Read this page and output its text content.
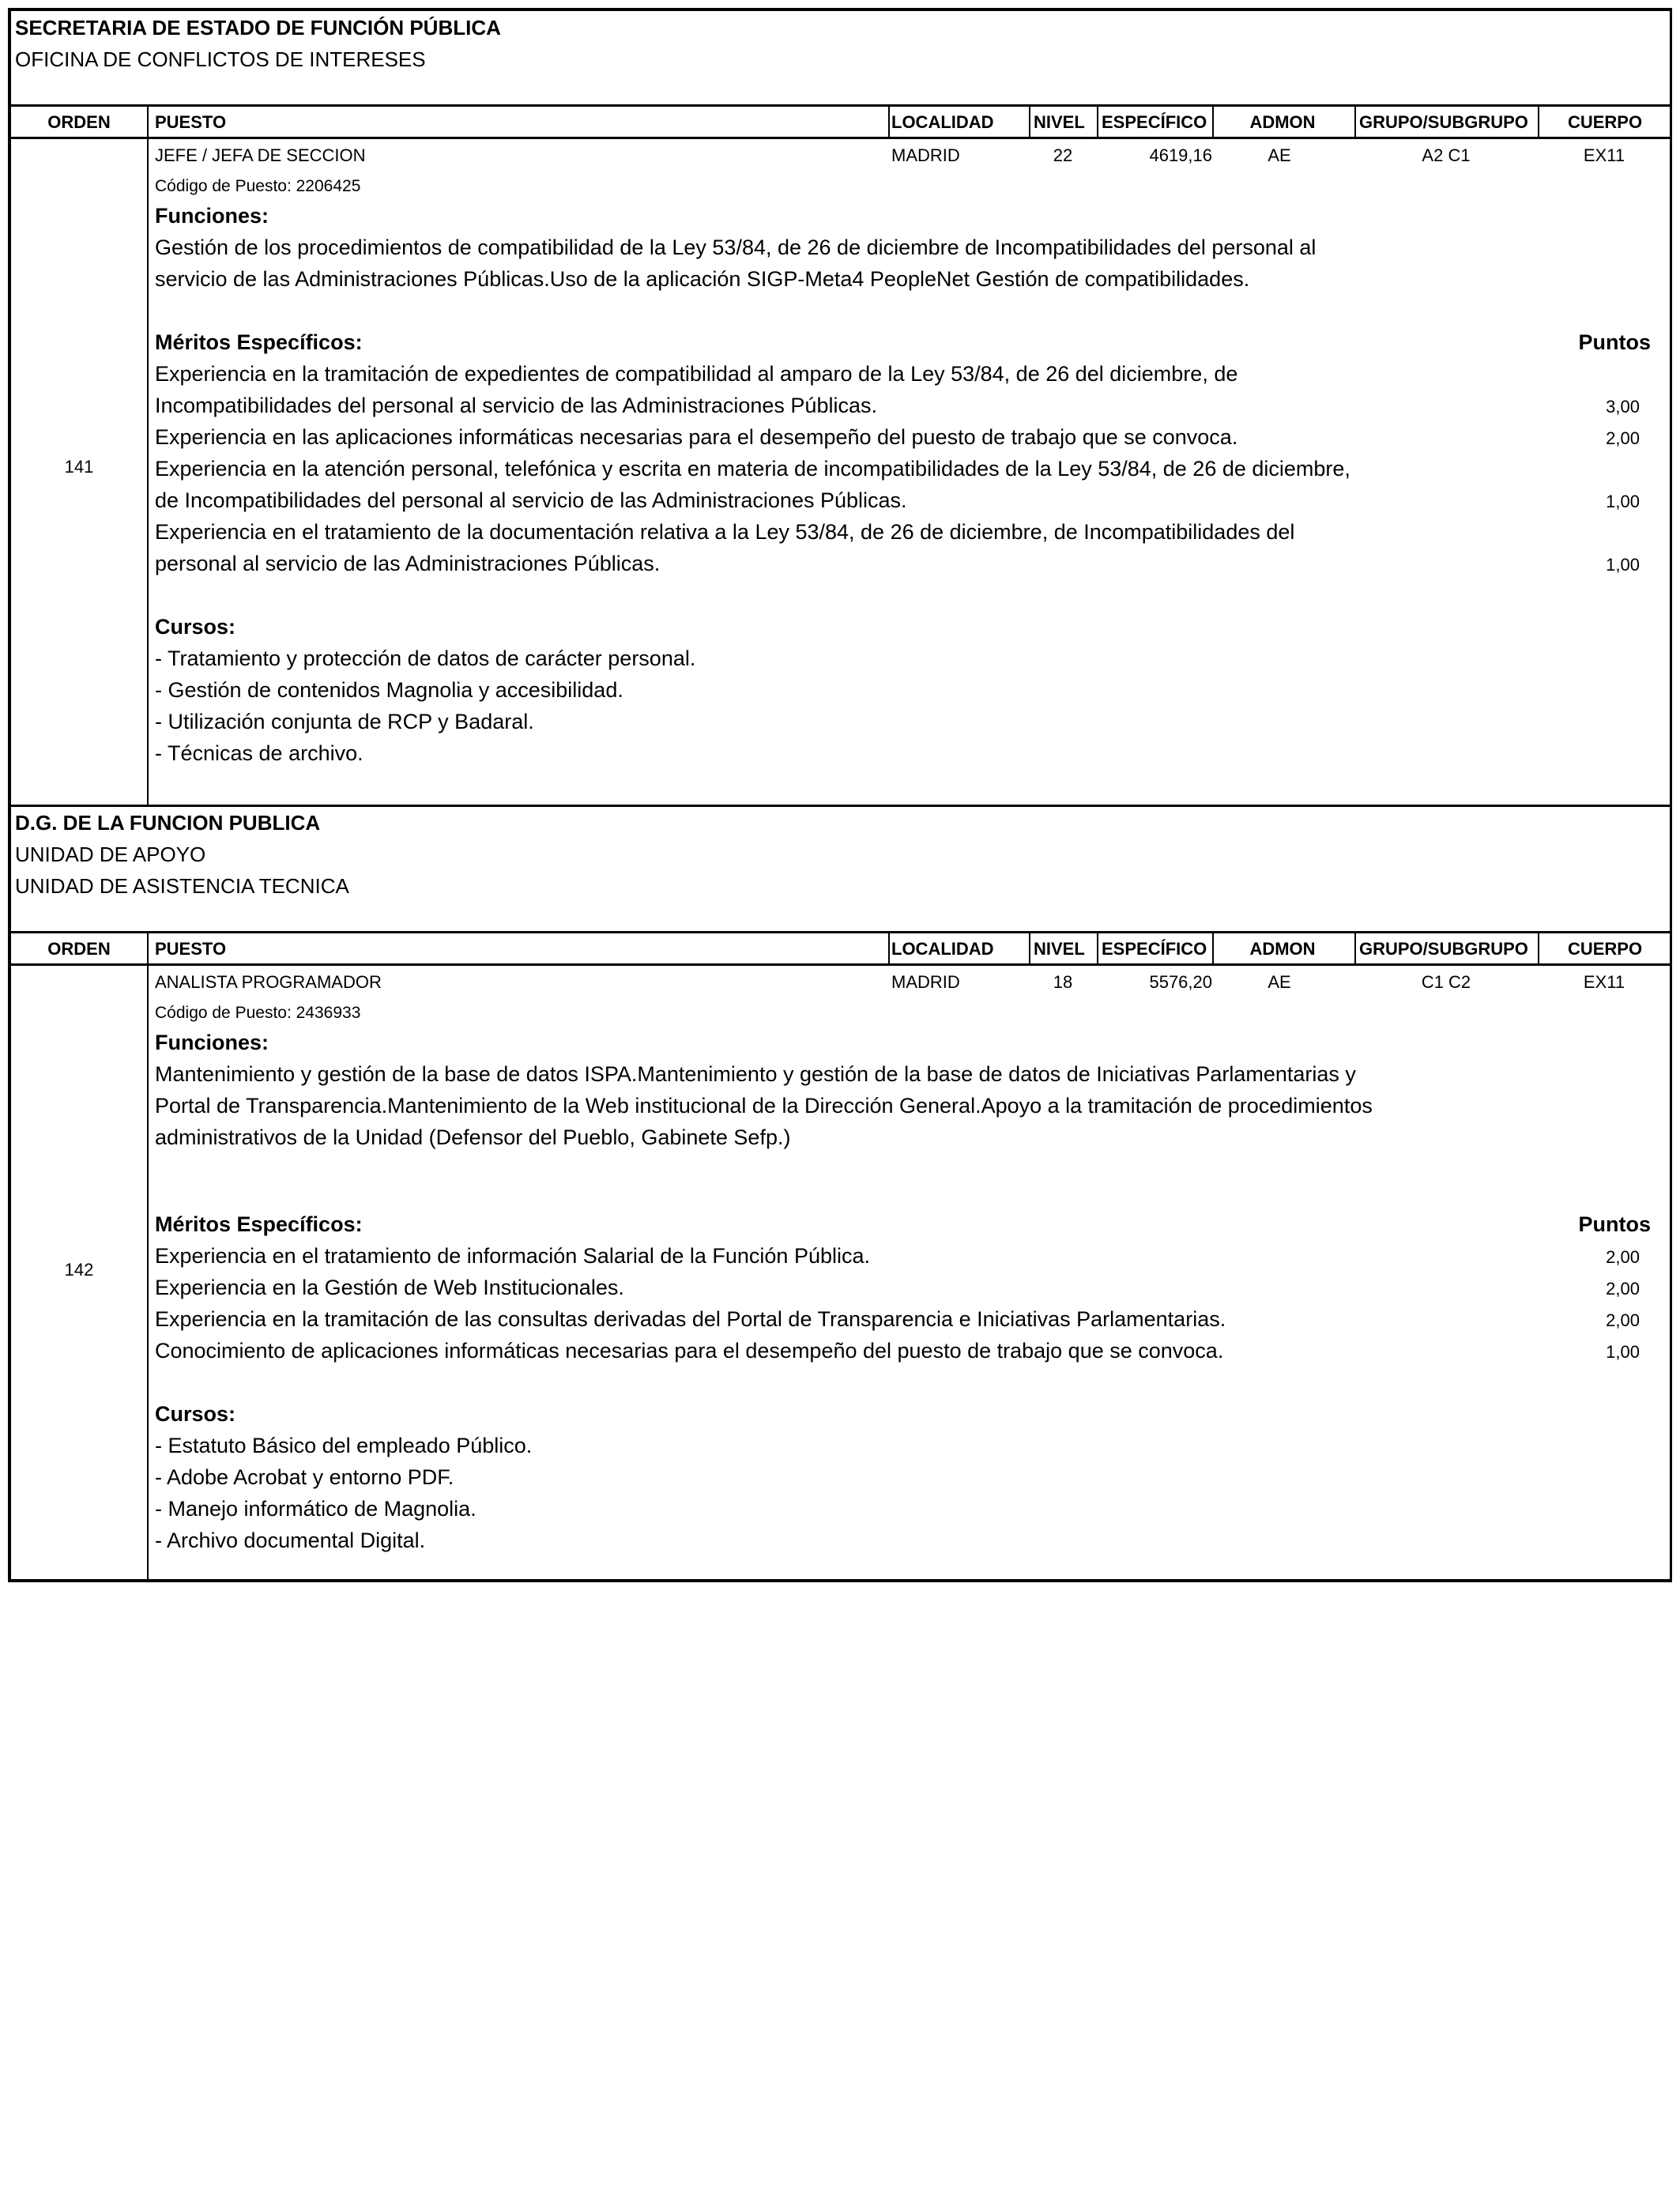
SECRETARIA DE ESTADO DE FUNCIÓN PÚBLICA
OFICINA DE CONFLICTOS DE INTERESES
ORDEN	PUESTO	LOCALIDAD NIVEL ESPECÍFICO	ADMON	GRUPO/SUBGRUPO	CUERPO
141
JEFE / JEFA DE SECCION	MADRID	22	4619,16	AE	A2 C1	EX11
Código de Puesto: 2206425
Funciones:
Gestión de los procedimientos de compatibilidad de la Ley 53/84, de 26 de diciembre de Incompatibilidades del personal al
servicio de las Administraciones Públicas.Uso de la aplicación SIGP-Meta4 PeopleNet Gestión de compatibilidades.
Méritos Específicos:	Puntos
Experiencia en la tramitación de expedientes de compatibilidad al amparo de la Ley 53/84, de 26 del diciembre, de
Incompatibilidades del personal al servicio de las Administraciones Públicas.	3,00
Experiencia en las aplicaciones informáticas necesarias para el desempeño del puesto de trabajo que se convoca.	2,00
Experiencia en la atención personal, telefónica y escrita en materia de incompatibilidades de la Ley 53/84, de 26 de diciembre,
de Incompatibilidades del personal al servicio de las Administraciones Públicas.	1,00
Experiencia en el tratamiento de la documentación relativa a la Ley 53/84, de 26 de diciembre, de Incompatibilidades del
personal al servicio de las Administraciones Públicas.	1,00
Cursos:
- Tratamiento y protección de datos de carácter personal.
- Gestión de contenidos Magnolia y accesibilidad.
- Utilización conjunta de RCP y Badaral.
- Técnicas de archivo.
D.G. DE LA FUNCION PUBLICA
UNIDAD DE APOYO
UNIDAD DE ASISTENCIA TECNICA
ORDEN	PUESTO	LOCALIDAD NIVEL ESPECÍFICO	ADMON	GRUPO/SUBGRUPO	CUERPO
142
ANALISTA PROGRAMADOR	MADRID	18	5576,20	AE	C1 C2	EX11
Código de Puesto: 2436933
Funciones:
Mantenimiento y gestión de la base de datos ISPA.Mantenimiento y gestión de la base de datos de Iniciativas Parlamentarias y
Portal de Transparencia.Mantenimiento de la Web institucional de la Dirección General.Apoyo a la tramitación de procedimientos
administrativos de la Unidad (Defensor del Pueblo, Gabinete Sefp.)
Méritos Específicos:	Puntos
Experiencia en el tratamiento de información Salarial de la Función Pública.	2,00
Experiencia en la Gestión de Web Institucionales.	2,00
Experiencia en la tramitación de las consultas derivadas del Portal de Transparencia e Iniciativas Parlamentarias.	2,00
Conocimiento de aplicaciones informáticas necesarias para el desempeño del puesto de trabajo que se convoca.	1,00
Cursos:
- Estatuto Básico del empleado Público.
- Adobe Acrobat y entorno PDF.
- Manejo informático de Magnolia.
- Archivo documental Digital.
